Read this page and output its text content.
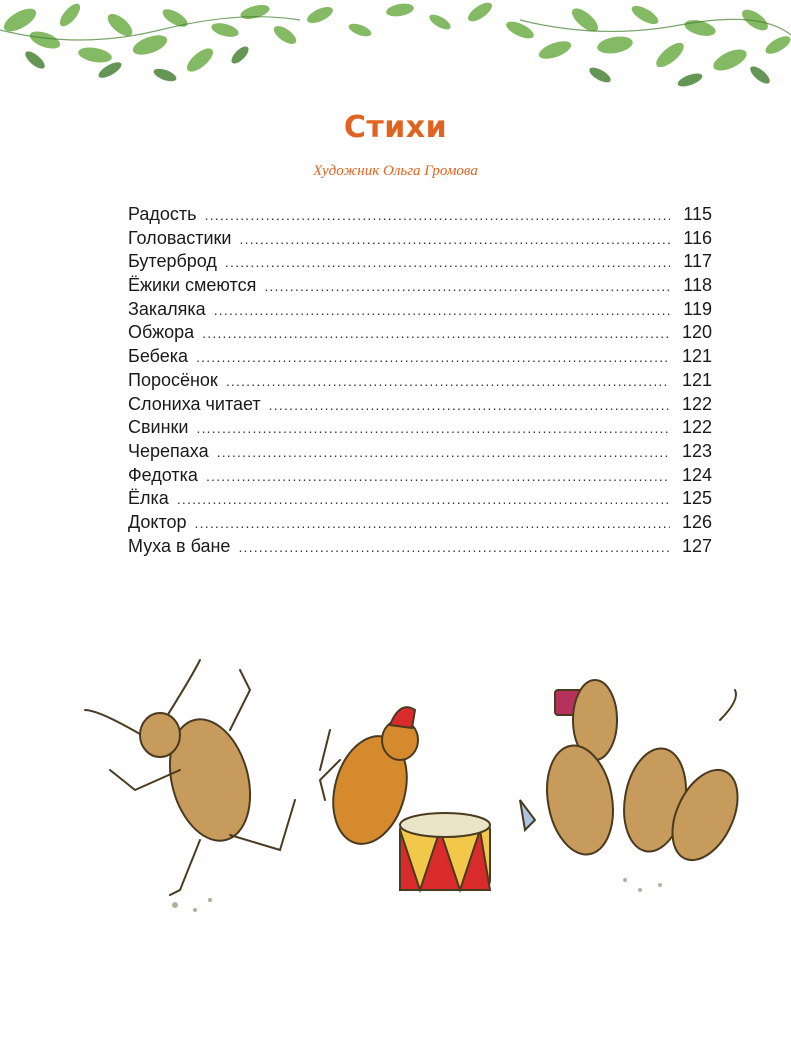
Стихи
Художник Ольга Громова
Радость .....	115
Головастики .....	116
Бутерброд .....	117
Ёжики смеются .....	118
Закаляка .....	119
Обжора .....	120
Бебека .....	121
Поросёнок .....	121
Слониха читает .....	122
Свинки .....	122
Черепаха .....	123
Федотка .....	124
Ёлка .....	125
Доктор .....	126
Муха в бане .....	127
